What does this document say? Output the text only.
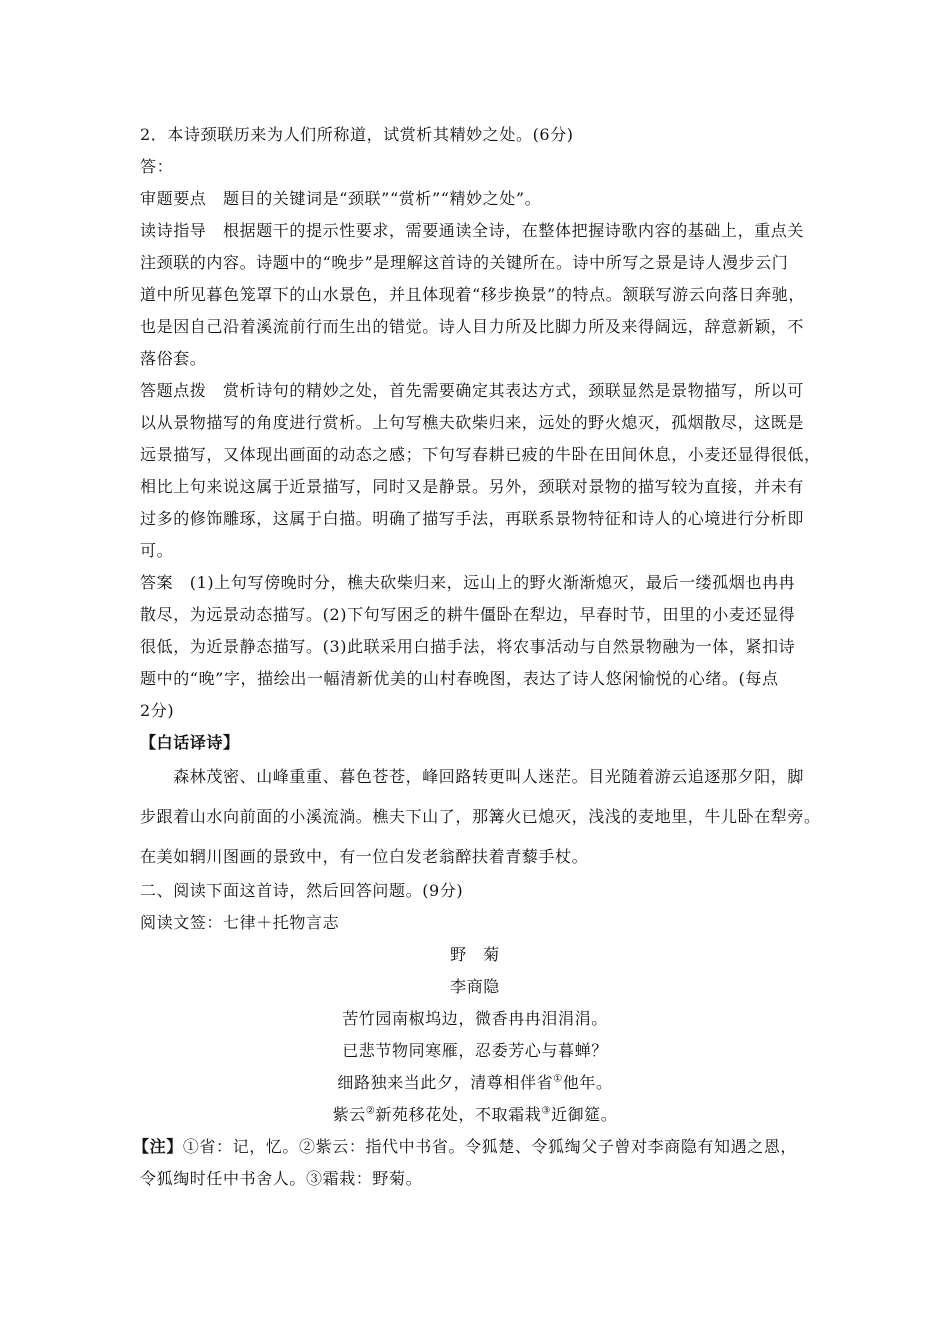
2．本诗颈联历来为人们所称道，试赏析其精妙之处。(6分)
答：
审题要点　题目的关键词是“颈联”“赏析”“精妙之处”。
读诗指导　根据题干的提示性要求，需要通读全诗，在整体把握诗歌内容的基础上，重点关
注颈联的内容。诗题中的“晚步”是理解这首诗的关键所在。诗中所写之景是诗人漫步云门
道中所见暮色笼罩下的山水景色，并且体现着“移步换景”的特点。颔联写游云向落日奔驰，
也是因自己沿着溪流前行而生出的错觉。诗人目力所及比脚力所及来得阔远，辞意新颖，不
落俗套。
答题点拨　赏析诗句的精妙之处，首先需要确定其表达方式，颈联显然是景物描写，所以可
以从景物描写的角度进行赏析。上句写樵夫砍柴归来，远处的野火熄灭，孤烟散尽，这既是
远景描写，又体现出画面的动态之感；下句写春耕已疲的牛卧在田间休息，小麦还显得很低，
相比上句来说这属于近景描写，同时又是静景。另外，颈联对景物的描写较为直接，并未有
过多的修饰雕琢，这属于白描。明确了描写手法，再联系景物特征和诗人的心境进行分析即
可。
答案　(1)上句写傍晚时分，樵夫砍柴归来，远山上的野火渐渐熄灭，最后一缕孤烟也冉冉
散尽，为远景动态描写。(2)下句写困乏的耕牛僵卧在犁边，早春时节，田里的小麦还显得
很低，为近景静态描写。(3)此联采用白描手法，将农事活动与自然景物融为一体，紧扣诗
题中的“晚”字，描绘出一幅清新优美的山村春晚图，表达了诗人悠闲愉悦的心绪。(每点
2分)
【白话译诗】
　　森林茂密、山峰重重、暮色苍苍，峰回路转更叫人迷茫。目光随着游云追逐那夕阳，脚
步跟着山水向前面的小溪流淌。樵夫下山了，那篝火已熄灭，浅浅的麦地里，牛儿卧在犁旁。
在美如辋川图画的景致中，有一位白发老翁醉扶着青藜手杖。
二、阅读下面这首诗，然后回答问题。(9分)
阅读文签：七律＋托物言志
野　菊
李商隐
苦竹园南椒坞边，微香冉冉泪涓涓。
已悲节物同寒雁，忍委芳心与暮蝉？
细路独来当此夕，清尊相伴省①他年。
紫云②新苑移花处，不取霜栽③近御筵。
【注】①省：记，忆。②紫云：指代中书省。令狐楚、令狐绹父子曾对李商隐有知遇之恩，
令狐绹时任中书舍人。③霜栽：野菊。
